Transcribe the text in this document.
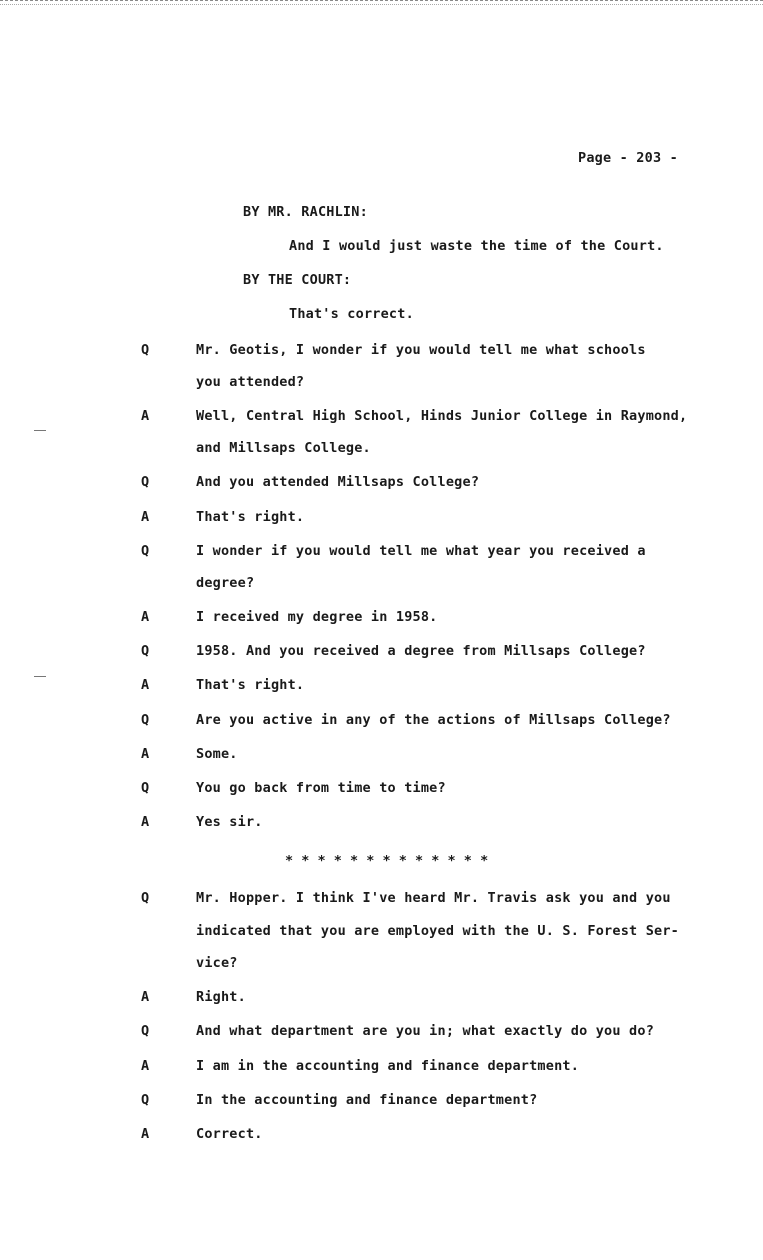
Page - 203 -
BY MR. RACHLIN:
And I would just waste the time of the Court.
BY THE COURT:
That's correct.
Q	Mr. Geotis, I wonder if you would tell me what schools
you attended?
A	Well, Central High School, Hinds Junior College in Raymond,
and Millsaps College.
Q	And you attended Millsaps College?
A	That's right.
Q	I wonder if you would tell me what year you received a
degree?
A	I received my degree in 1958.
Q	1958. And you received a degree from Millsaps College?
A	That's right.
Q	Are you active in any of the actions of Millsaps College?
A	Some.
Q	You go back from time to time?
A	Yes sir.
* * * * * * * * * * * * *
Q	Mr. Hopper. I think I've heard Mr. Travis ask you and you
indicated that you are employed with the U. S. Forest Ser-
vice?
A	Right.
Q	And what department are you in; what exactly do you do?
A	I am in the accounting and finance department.
Q	In the accounting and finance department?
A	Correct.
